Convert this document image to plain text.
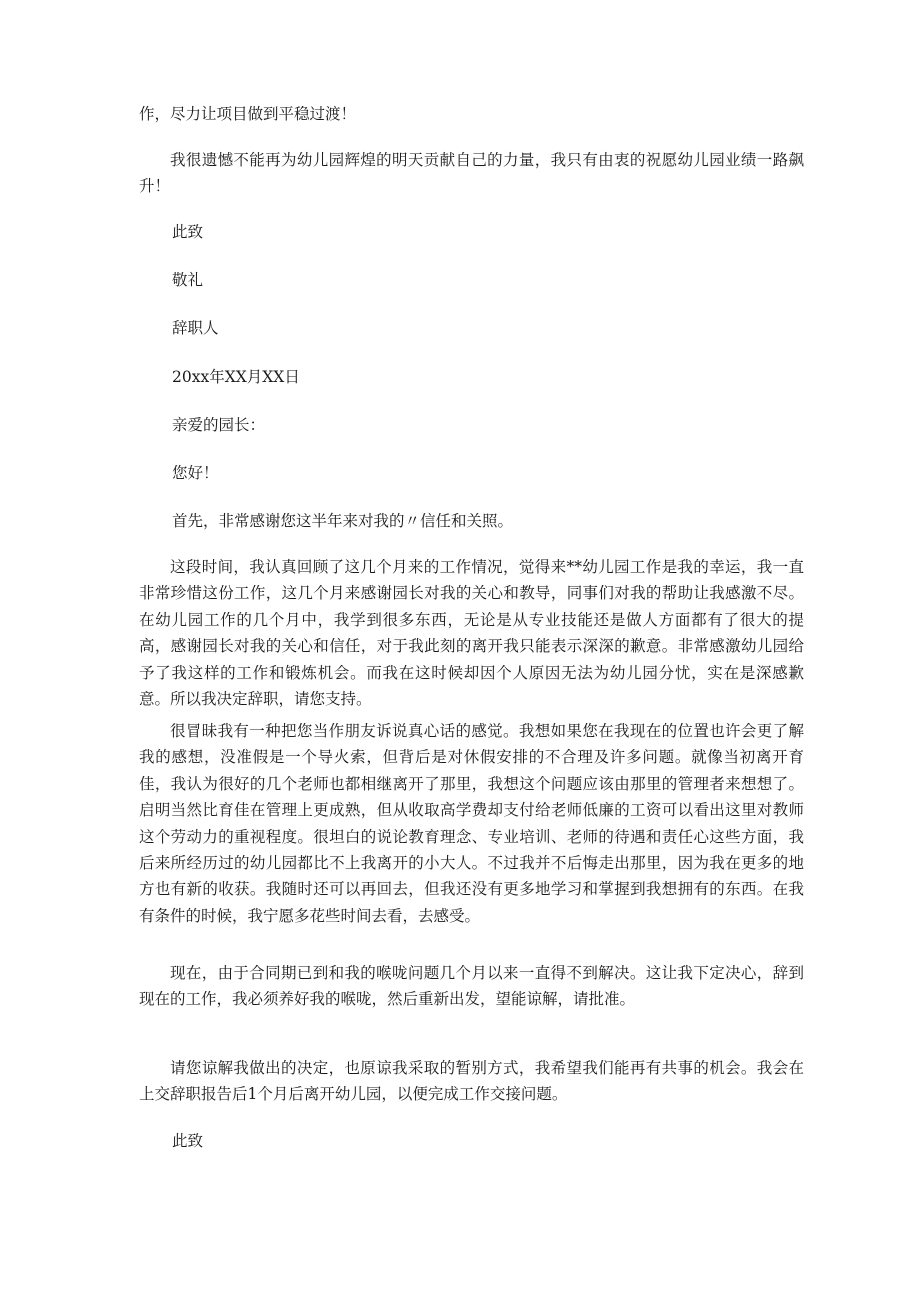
作，尽力让项目做到平稳过渡！

我很遗憾不能再为幼儿园辉煌的明天贡献自己的力量，我只有由衷的祝愿幼儿园业绩一路飙升！

此致

敬礼

辞职人

20xx年XX月XX日

亲爱的园长：

您好！

首先，非常感谢您这半年来对我的〃信任和关照。

这段时间，我认真回顾了这几个月来的工作情况，觉得来**幼儿园工作是我的幸运，我一直非常珍惜这份工作，这几个月来感谢园长对我的关心和教导，同事们对我的帮助让我感激不尽。在幼儿园工作的几个月中，我学到很多东西，无论是从专业技能还是做人方面都有了很大的提高，感谢园长对我的关心和信任，对于我此刻的离开我只能表示深深的歉意。非常感激幼儿园给予了我这样的工作和锻炼机会。而我在这时候却因个人原因无法为幼儿园分忧，实在是深感歉意。所以我决定辞职，请您支持。

很冒昧我有一种把您当作朋友诉说真心话的感觉。我想如果您在我现在的位置也许会更了解我的感想，没准假是一个导火索，但背后是对休假安排的不合理及许多问题。就像当初离开育佳，我认为很好的几个老师也都相继离开了那里，我想这个问题应该由那里的管理者来想想了。启明当然比育佳在管理上更成熟，但从收取高学费却支付给老师低廉的工资可以看出这里对教师这个劳动力的重视程度。很坦白的说论教育理念、专业培训、老师的待遇和责任心这些方面，我后来所经历过的幼儿园都比不上我离开的小大人。不过我并不后悔走出那里，因为我在更多的地方也有新的收获。我随时还可以再回去，但我还没有更多地学习和掌握到我想拥有的东西。在我有条件的时候，我宁愿多花些时间去看，去感受。

现在，由于合同期已到和我的喉咙问题几个月以来一直得不到解决。这让我下定决心，辞到现在的工作，我必须养好我的喉咙，然后重新出发，望能谅解，请批准。

请您谅解我做出的决定，也原谅我采取的暂别方式，我希望我们能再有共事的机会。我会在上交辞职报告后1个月后离开幼儿园，以便完成工作交接问题。

此致
